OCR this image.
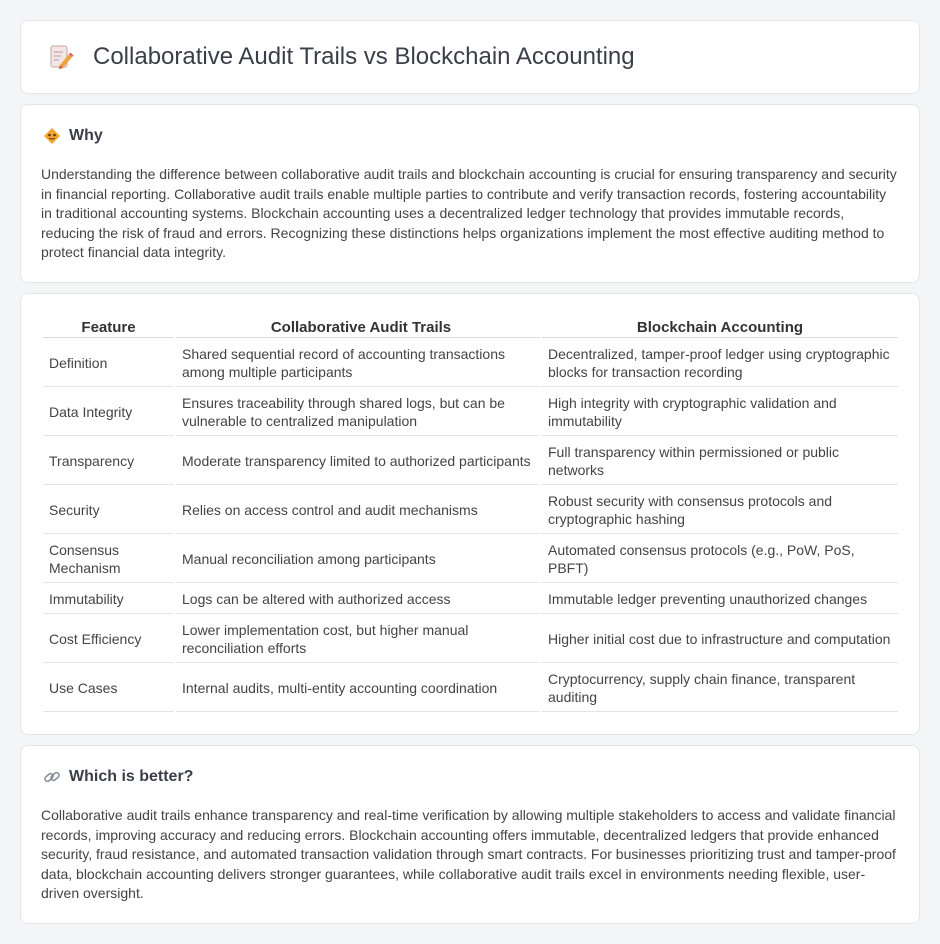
Collaborative Audit Trails vs Blockchain Accounting
Why

Understanding the difference between collaborative audit trails and blockchain accounting is crucial for ensuring transparency and security in financial reporting. Collaborative audit trails enable multiple parties to contribute and verify transaction records, fostering accountability in traditional accounting systems. Blockchain accounting uses a decentralized ledger technology that provides immutable records, reducing the risk of fraud and errors. Recognizing these distinctions helps organizations implement the most effective auditing method to protect financial data integrity.

Feature	Collaborative Audit Trails	Blockchain Accounting
Definition	Shared sequential record of accounting transactions among multiple participants	Decentralized, tamper-proof ledger using cryptographic blocks for transaction recording
Data Integrity	Ensures traceability through shared logs, but can be vulnerable to centralized manipulation	High integrity with cryptographic validation and immutability
Transparency	Moderate transparency limited to authorized participants	Full transparency within permissioned or public networks
Security	Relies on access control and audit mechanisms	Robust security with consensus protocols and cryptographic hashing
Consensus Mechanism	Manual reconciliation among participants	Automated consensus protocols (e.g., PoW, PoS, PBFT)
Immutability	Logs can be altered with authorized access	Immutable ledger preventing unauthorized changes
Cost Efficiency	Lower implementation cost, but higher manual reconciliation efforts	Higher initial cost due to infrastructure and computation
Use Cases	Internal audits, multi-entity accounting coordination	Cryptocurrency, supply chain finance, transparent auditing
Which is better?

Collaborative audit trails enhance transparency and real-time verification by allowing multiple stakeholders to access and validate financial records, improving accuracy and reducing errors. Blockchain accounting offers immutable, decentralized ledgers that provide enhanced security, fraud resistance, and automated transaction validation through smart contracts. For businesses prioritizing trust and tamper-proof data, blockchain accounting delivers stronger guarantees, while collaborative audit trails excel in environments needing flexible, user-driven oversight.
